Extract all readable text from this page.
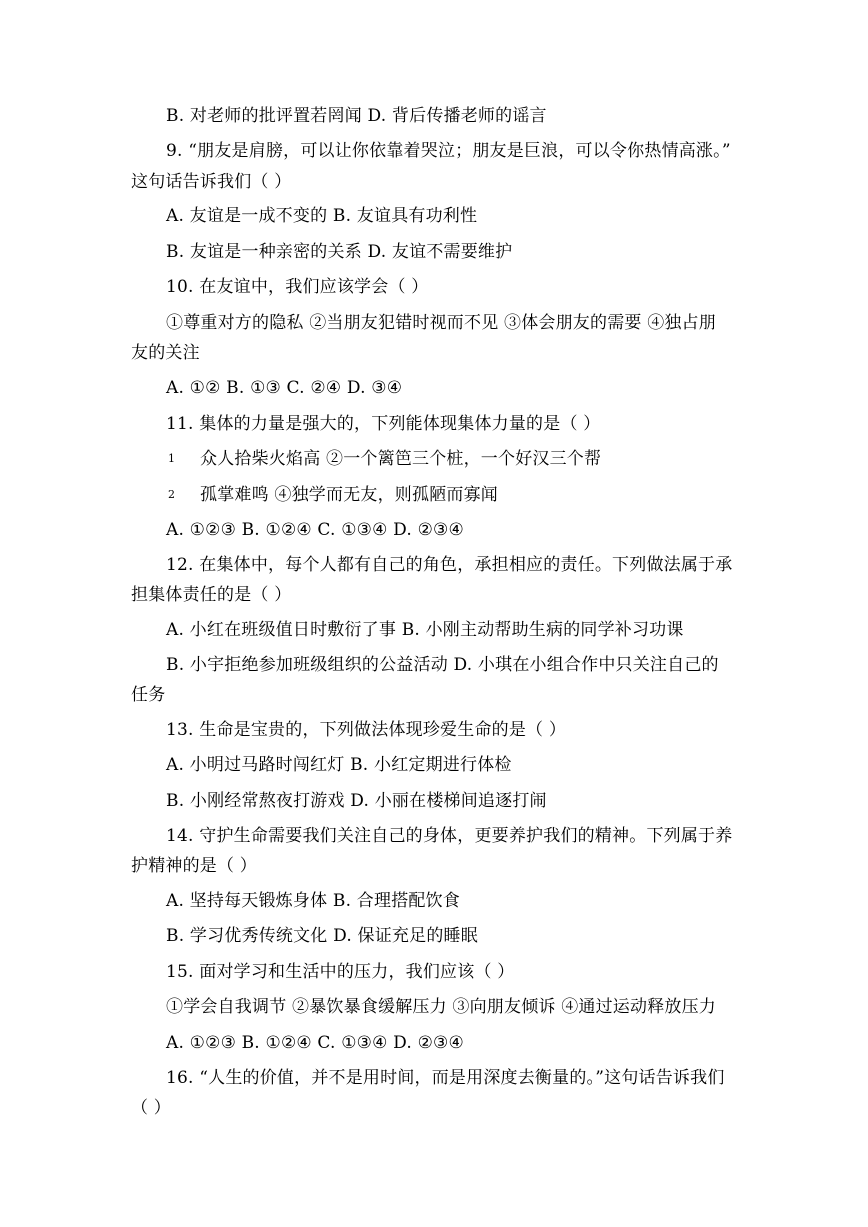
B. 对老师的批评置若罔闻 D. 背后传播老师的谣言
9. “朋友是肩膀，可以让你依靠着哭泣；朋友是巨浪，可以令你热情高涨。”
这句话告诉我们（ ）
A. 友谊是一成不变的 B. 友谊具有功利性
B. 友谊是一种亲密的关系 D. 友谊不需要维护
10. 在友谊中，我们应该学会（ ）
①尊重对方的隐私 ②当朋友犯错时视而不见 ③体会朋友的需要 ④独占朋
友的关注
A. ①② B. ①③ C. ②④ D. ③④
11. 集体的力量是强大的，下列能体现集体力量的是（ ）
1 众人拾柴火焰高 ②一个篱笆三个桩，一个好汉三个帮
2 孤掌难鸣 ④独学而无友，则孤陋而寡闻
A. ①②③ B. ①②④ C. ①③④ D. ②③④
12. 在集体中，每个人都有自己的角色，承担相应的责任。下列做法属于承
担集体责任的是（ ）
A. 小红在班级值日时敷衍了事 B. 小刚主动帮助生病的同学补习功课
B. 小宇拒绝参加班级组织的公益活动 D. 小琪在小组合作中只关注自己的
任务
13. 生命是宝贵的，下列做法体现珍爱生命的是（ ）
A. 小明过马路时闯红灯 B. 小红定期进行体检
B. 小刚经常熬夜打游戏 D. 小丽在楼梯间追逐打闹
14. 守护生命需要我们关注自己的身体，更要养护我们的精神。下列属于养
护精神的是（ ）
A. 坚持每天锻炼身体 B. 合理搭配饮食
B. 学习优秀传统文化 D. 保证充足的睡眠
15. 面对学习和生活中的压力，我们应该（ ）
①学会自我调节 ②暴饮暴食缓解压力 ③向朋友倾诉 ④通过运动释放压力
A. ①②③ B. ①②④ C. ①③④ D. ②③④
16. “人生的价值，并不是用时间，而是用深度去衡量的。”这句话告诉我们
（ ）
